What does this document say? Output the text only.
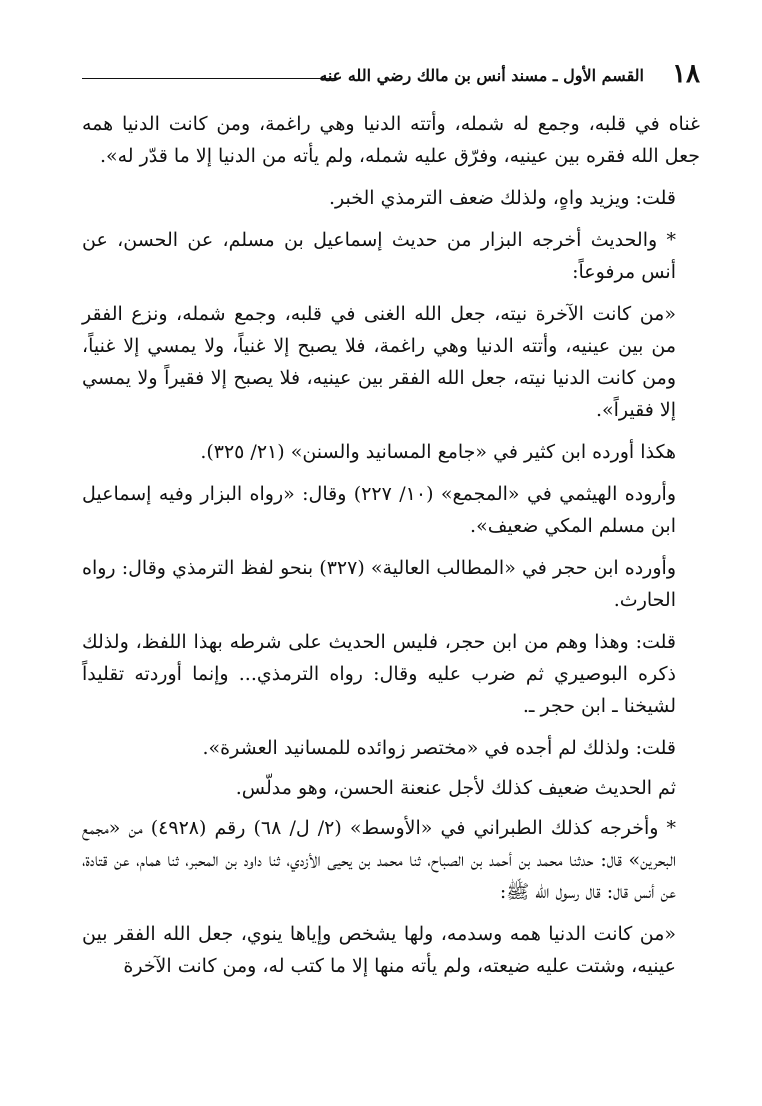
١٨
القسم الأول ـ مسند أنس بن مالك رضي الله عنه

غناه في قلبه، وجمع له شمله، وأتته الدنيا وهي راغمة، ومن كانت الدنيا همه جعل الله فقره بين عينيه، وفرّق عليه شمله، ولم يأته من الدنيا إلا ما قدّر له».

قلت: ويزيد واهٍ، ولذلك ضعف الترمذي الخبر.

* والحديث أخرجه البزار من حديث إسماعيل بن مسلم، عن الحسن، عن أنس مرفوعاً:

«من كانت الآخرة نيته، جعل الله الغنى في قلبه، وجمع شمله، ونزع الفقر من بين عينيه، وأتته الدنيا وهي راغمة، فلا يصبح إلا غنياً، ولا يمسي إلا غنياً، ومن كانت الدنيا نيته، جعل الله الفقر بين عينيه، فلا يصبح إلا فقيراً ولا يمسي إلا فقيراً».

هكذا أورده ابن كثير في «جامع المسانيد والسنن» (٢١/ ٣٢٥).

وأروده الهيثمي في «المجمع» (١٠/ ٢٢٧) وقال: «رواه البزار وفيه إسماعيل ابن مسلم المكي ضعيف».

وأورده ابن حجر في «المطالب العالية» (٣٢٧) بنحو لفظ الترمذي وقال: رواه الحارث.

قلت: وهذا وهم من ابن حجر، فليس الحديث على شرطه بهذا اللفظ، ولذلك ذكره البوصيري ثم ضرب عليه وقال: رواه الترمذي... وإنما أوردته تقليداً لشيخنا ـ ابن حجر ـ.

قلت: ولذلك لم أجده في «مختصر زوائده للمسانيد العشرة».

ثم الحديث ضعيف كذلك لأجل عنعنة الحسن، وهو مدلّس.

* وأخرجه كذلك الطبراني في «الأوسط» (٢/ ل/ ٦٨) رقم (٤٩٢٨) من «مجمع البحرين» قال: حدثنا محمد بن أحمد بن الصباح، ثنا محمد بن يحيى الأزدي، ثنا داود بن المحبر، ثنا همام، عن قتادة، عن أنس قال: قال رسول الله ﷺ:

«من كانت الدنيا همه وسدمه، ولها يشخص وإياها ينوي، جعل الله الفقر بين عينيه، وشتت عليه ضيعته، ولم يأته منها إلا ما كتب له، ومن كانت الآخرة
